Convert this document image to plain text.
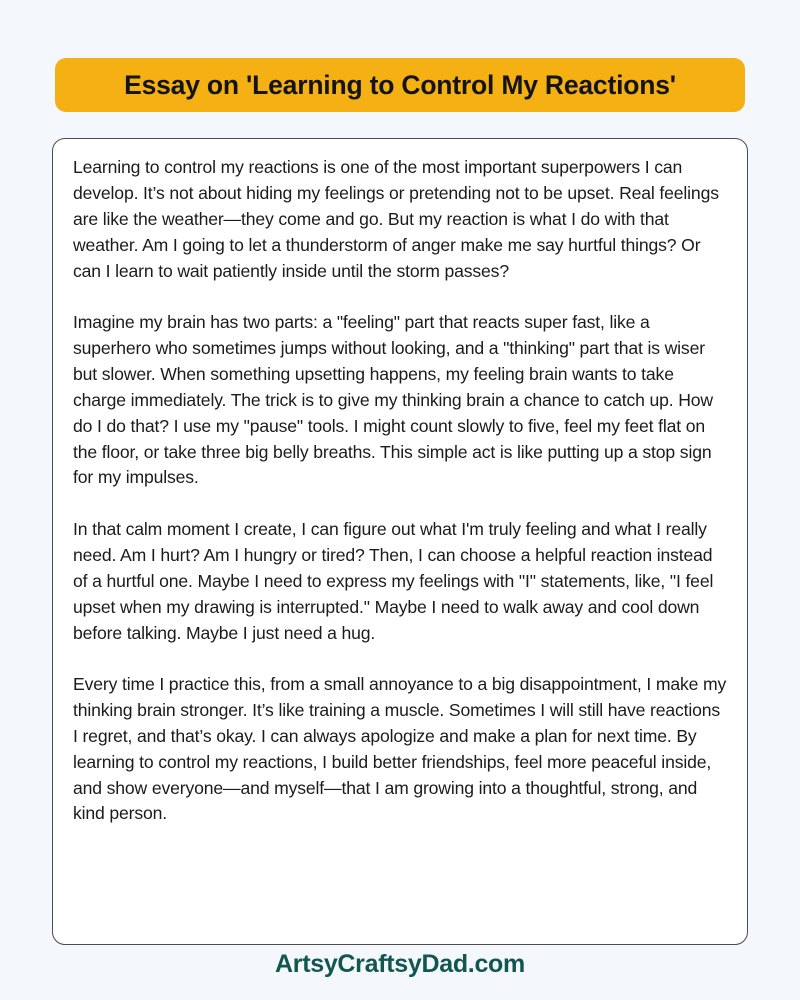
Essay on 'Learning to Control My Reactions'

Learning to control my reactions is one of the most important superpowers I can develop. It’s not about hiding my feelings or pretending not to be upset. Real feelings are like the weather—they come and go. But my reaction is what I do with that weather. Am I going to let a thunderstorm of anger make me say hurtful things? Or can I learn to wait patiently inside until the storm passes?

Imagine my brain has two parts: a "feeling" part that reacts super fast, like a superhero who sometimes jumps without looking, and a "thinking" part that is wiser but slower. When something upsetting happens, my feeling brain wants to take charge immediately. The trick is to give my thinking brain a chance to catch up. How do I do that? I use my "pause" tools. I might count slowly to five, feel my feet flat on the floor, or take three big belly breaths. This simple act is like putting up a stop sign for my impulses.

In that calm moment I create, I can figure out what I'm truly feeling and what I really need. Am I hurt? Am I hungry or tired? Then, I can choose a helpful reaction instead of a hurtful one. Maybe I need to express my feelings with "I" statements, like, "I feel upset when my drawing is interrupted." Maybe I need to walk away and cool down before talking. Maybe I just need a hug.

Every time I practice this, from a small annoyance to a big disappointment, I make my thinking brain stronger. It’s like training a muscle. Sometimes I will still have reactions I regret, and that’s okay. I can always apologize and make a plan for next time. By learning to control my reactions, I build better friendships, feel more peaceful inside, and show everyone—and myself—that I am growing into a thoughtful, strong, and kind person.

ArtsyCraftsyDad.com
